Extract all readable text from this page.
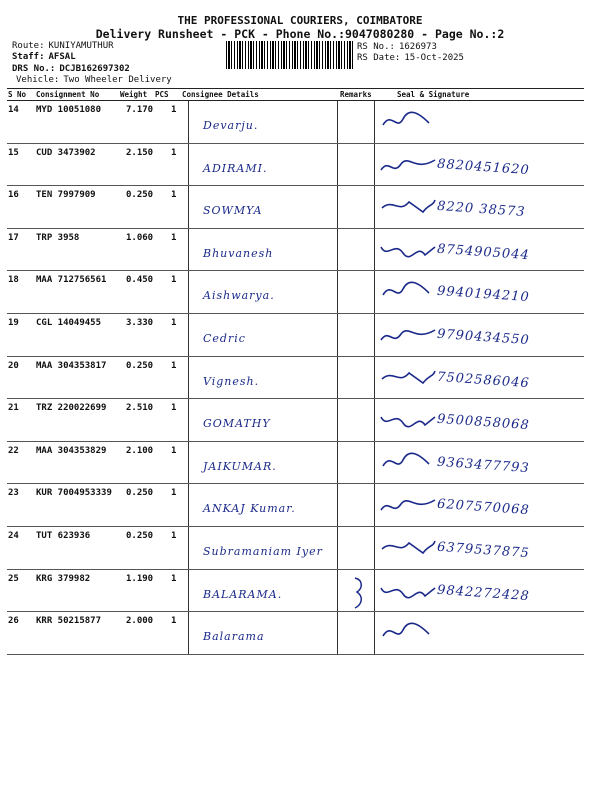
THE PROFESSIONAL COURIERS, COIMBATORE
Delivery Runsheet - PCK - Phone No.:9047080280 - Page No.:2
Route: KUNIYAMUTHUR
Staff: AFSAL
DRS No.: DCJB162697302
Vehicle: Two Wheeler Delivery
RS No.: 1626973
RS Date: 15-Oct-2025
S No Consignment No	Weight PCS Consignee Details	Remarks	Seal & Signature
14 MYD 10051080	7.170 1
Devarju.
15 CUD 3473902	2.150 1
ADIRAMI.	8820451620
16 TEN 7997909	0.250 1
SOWMYA	8220 38573
17 TRP 3958	1.060 1
Bhuvanesh	8754905044
18 MAA 712756561 0.450 1
Aishwarya.	9940194210
19 CGL 14049455	3.330 1
Cedric	9790434550
20 MAA 304353817 0.250 1
Vignesh.	7502586046
21 TRZ 220022699 2.510 1
GOMATHY	9500858068
22 MAA 304353829 2.100 1
JAIKUMAR.	9363477793
23 KUR 7004953339 0.250 1
ANKAJ Kumar.	6207570068
24 TUT 623936	0.250 1
Subramaniam Iyer	6379537875
25 KRG 379982	1.190 1
BALARAMA.	9842272428
26 KRR 50215877	2.000 1
Balarama
